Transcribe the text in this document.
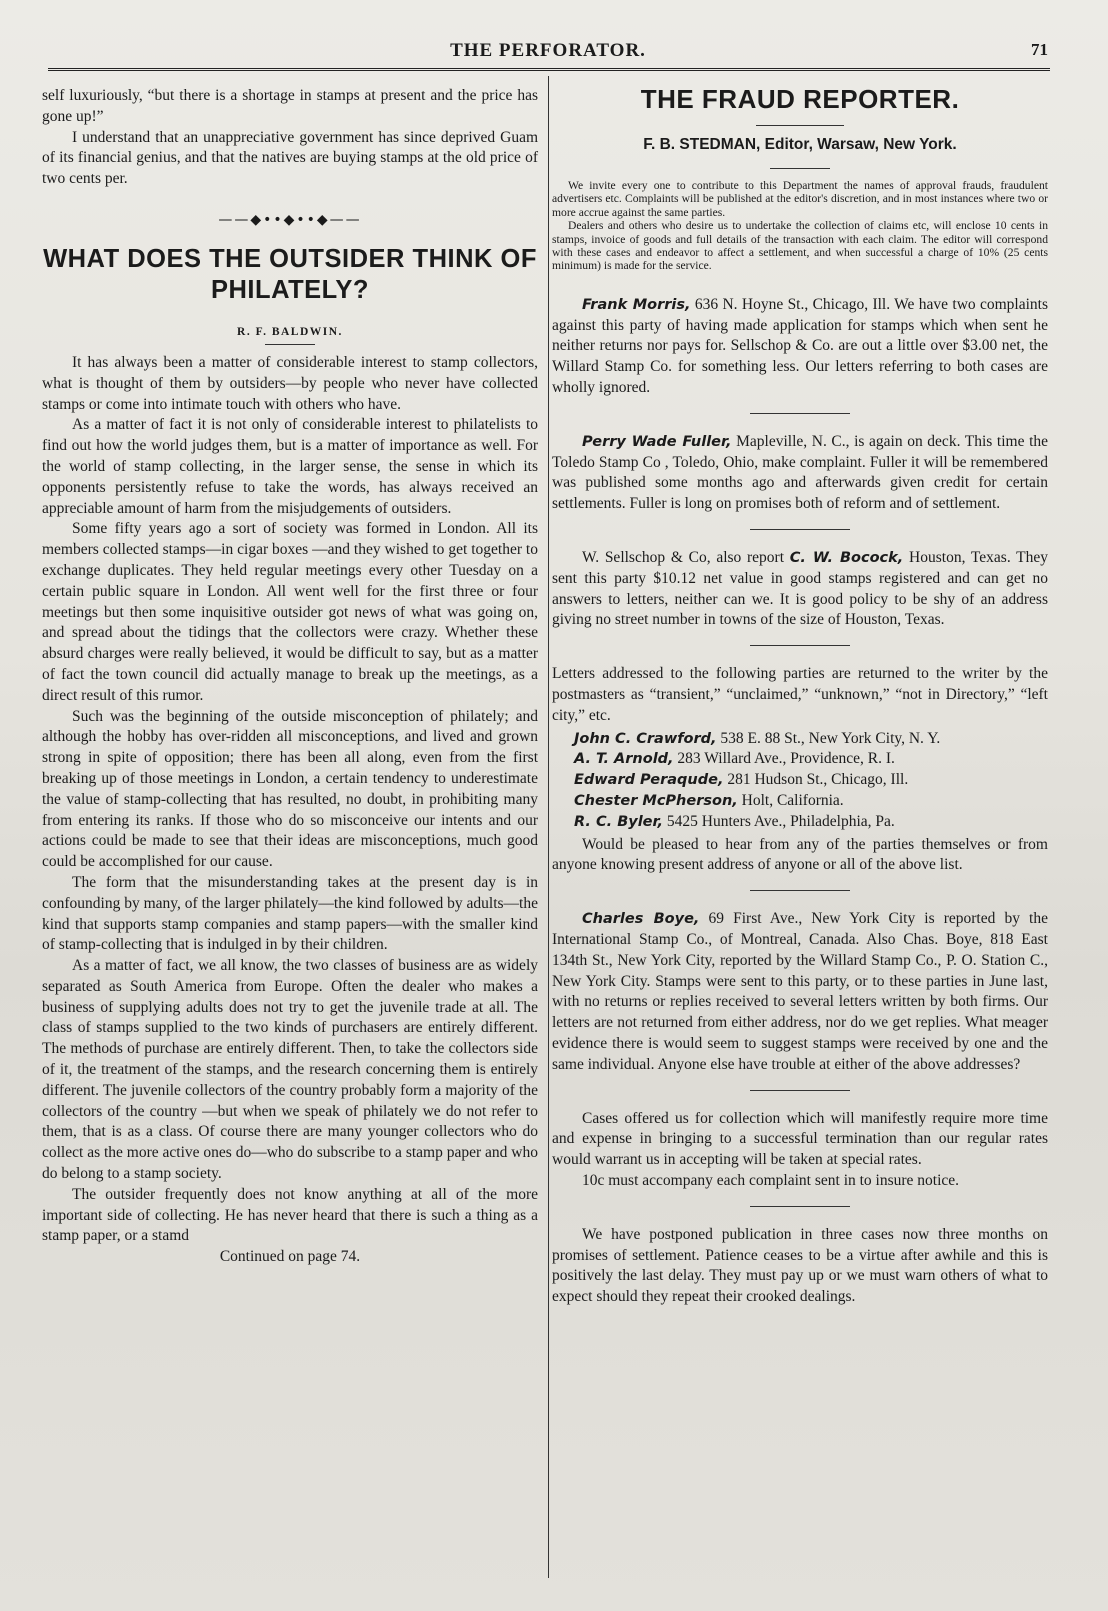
THE PERFORATOR.	71

self luxuriously, “but there is a shortage in stamps at present and the price has gone up!”

I understand that an unappreciative government has since deprived Guam of its financial genius, and that the natives are buying stamps at the old price of two cents per.

——◆••◆••◆——
WHAT DOES THE OUTSIDER THINK OF PHILATELY?
R. F. BALDWIN.

It has always been a matter of considerable interest to stamp collectors, what is thought of them by outsiders—by people who never have collected stamps or come into intimate touch with others who have.

As a matter of fact it is not only of considerable interest to philatelists to find out how the world judges them, but is a matter of importance as well. For the world of stamp collecting, in the larger sense, the sense in which its opponents persistently refuse to take the words, has always received an appreciable amount of harm from the misjudgements of outsiders.

Some fifty years ago a sort of society was formed in London. All its members collected stamps—in cigar boxes —and they wished to get together to exchange duplicates. They held regular meetings every other Tuesday on a certain public square in London. All went well for the first three or four meetings but then some inquisitive outsider got news of what was going on, and spread about the tidings that the collectors were crazy. Whether these absurd charges were really believed, it would be difficult to say, but as a matter of fact the town council did actually manage to break up the meetings, as a direct result of this rumor.

Such was the beginning of the outside misconception of philately; and although the hobby has over-ridden all misconceptions, and lived and grown strong in spite of opposition; there has been all along, even from the first breaking up of those meetings in London, a certain tendency to underestimate the value of stamp-collecting that has resulted, no doubt, in prohibiting many from entering its ranks. If those who do so misconceive our intents and our actions could be made to see that their ideas are misconceptions, much good could be accomplished for our cause.

The form that the misunderstanding takes at the present day is in confounding by many, of the larger philately—the kind followed by adults—the kind that supports stamp companies and stamp papers—with the smaller kind of stamp-collecting that is indulged in by their children.

As a matter of fact, we all know, the two classes of business are as widely separated as South America from Europe. Often the dealer who makes a business of supplying adults does not try to get the juvenile trade at all. The class of stamps supplied to the two kinds of purchasers are entirely different. The methods of purchase are entirely different. Then, to take the collectors side of it, the treatment of the stamps, and the research concerning them is entirely different. The juvenile collectors of the country probably form a majority of the collectors of the country —but when we speak of philately we do not refer to them, that is as a class. Of course there are many younger collectors who do collect as the more active ones do—who do subscribe to a stamp paper and who do belong to a stamp society.

The outsider frequently does not know anything at all of the more important side of collecting. He has never heard that there is such a thing as a stamp paper, or a stamd

Continued on page 74.
THE FRAUD REPORTER.
F. B. STEDMAN, Editor, Warsaw, New York.

We invite every one to contribute to this Department the names of approval frauds, fraudulent advertisers etc. Complaints will be published at the editor's discretion, and in most instances where two or more accrue against the same parties.

Dealers and others who desire us to undertake the collection of claims etc, will enclose 10 cents in stamps, invoice of goods and full details of the transaction with each claim. The editor will correspond with these cases and endeavor to affect a settlement, and when successful a charge of 10% (25 cents minimum) is made for the service.

Frank Morris, 636 N. Hoyne St., Chicago, Ill. We have two complaints against this party of having made application for stamps which when sent he neither returns nor pays for. Sellschop & Co. are out a little over $3.00 net, the Willard Stamp Co. for something less. Our letters referring to both cases are wholly ignored.

Perry Wade Fuller, Mapleville, N. C., is again on deck. This time the Toledo Stamp Co , Toledo, Ohio, make complaint. Fuller it will be remembered was published some months ago and afterwards given credit for certain settlements. Fuller is long on promises both of reform and of settlement.

W. Sellschop & Co, also report C. W. Bocock, Houston, Texas. They sent this party $10.12 net value in good stamps registered and can get no answers to letters, neither can we. It is good policy to be shy of an address giving no street number in towns of the size of Houston, Texas.

Letters addressed to the following parties are returned to the writer by the postmasters as “transient,” “unclaimed,” “unknown,” “not in Directory,” “left city,” etc.

John C. Crawford, 538 E. 88 St., New York City, N. Y.
A. T. Arnold, 283 Willard Ave., Providence, R. I.
Edward Peraqude, 281 Hudson St., Chicago, Ill.
Chester McPherson, Holt, California.
R. C. Byler, 5425 Hunters Ave., Philadelphia, Pa.

Would be pleased to hear from any of the parties themselves or from anyone knowing present address of anyone or all of the above list.

Charles Boye, 69 First Ave., New York City is reported by the International Stamp Co., of Montreal, Canada. Also Chas. Boye, 818 East 134th St., New York City, reported by the Willard Stamp Co., P. O. Station C., New York City. Stamps were sent to this party, or to these parties in June last, with no returns or replies received to several letters written by both firms. Our letters are not returned from either address, nor do we get replies. What meager evidence there is would seem to suggest stamps were received by one and the same individual. Anyone else have trouble at either of the above addresses?

Cases offered us for collection which will manifestly require more time and expense in bringing to a successful termination than our regular rates would warrant us in accepting will be taken at special rates.

10c must accompany each complaint sent in to insure notice.

We have postponed publication in three cases now three months on promises of settlement. Patience ceases to be a virtue after awhile and this is positively the last delay. They must pay up or we must warn others of what to expect should they repeat their crooked dealings.
